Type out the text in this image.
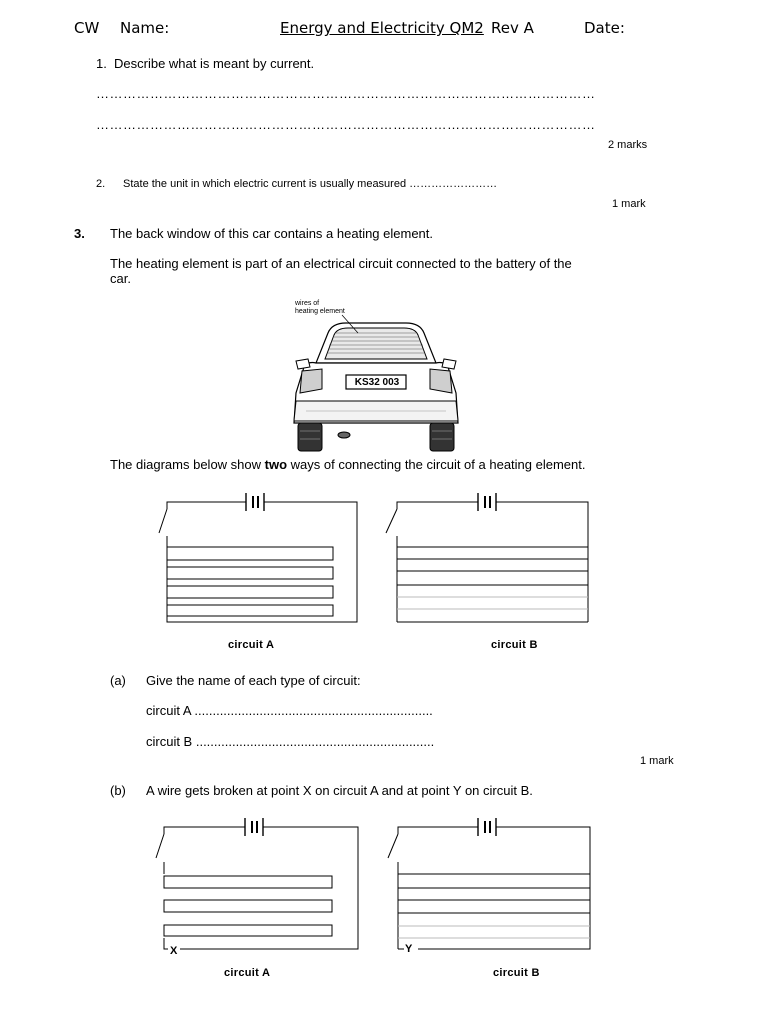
CW Name:	Energy and Electricity QM2 Rev A	Date:
1. Describe what is meant by current.
…………………………………………………………………………………………………
…………………………………………………………………………………………………
2 marks
2. State the unit in which electric current is usually measured ……………………
1 mark
3. The back window of this car contains a heating element.
The heating element is part of an electrical circuit connected to the battery of the
car.
wires of
heating element
KS32 003
The diagrams below show two ways of connecting the circuit of a heating element.
circuit A	circuit B
(a) Give the name of each type of circuit:
circuit A ..................................................................
circuit B ..................................................................
1 mark
(b) A wire gets broken at point X on circuit A and at point Y on circuit B.
X
circuit A
Y
circuit B
